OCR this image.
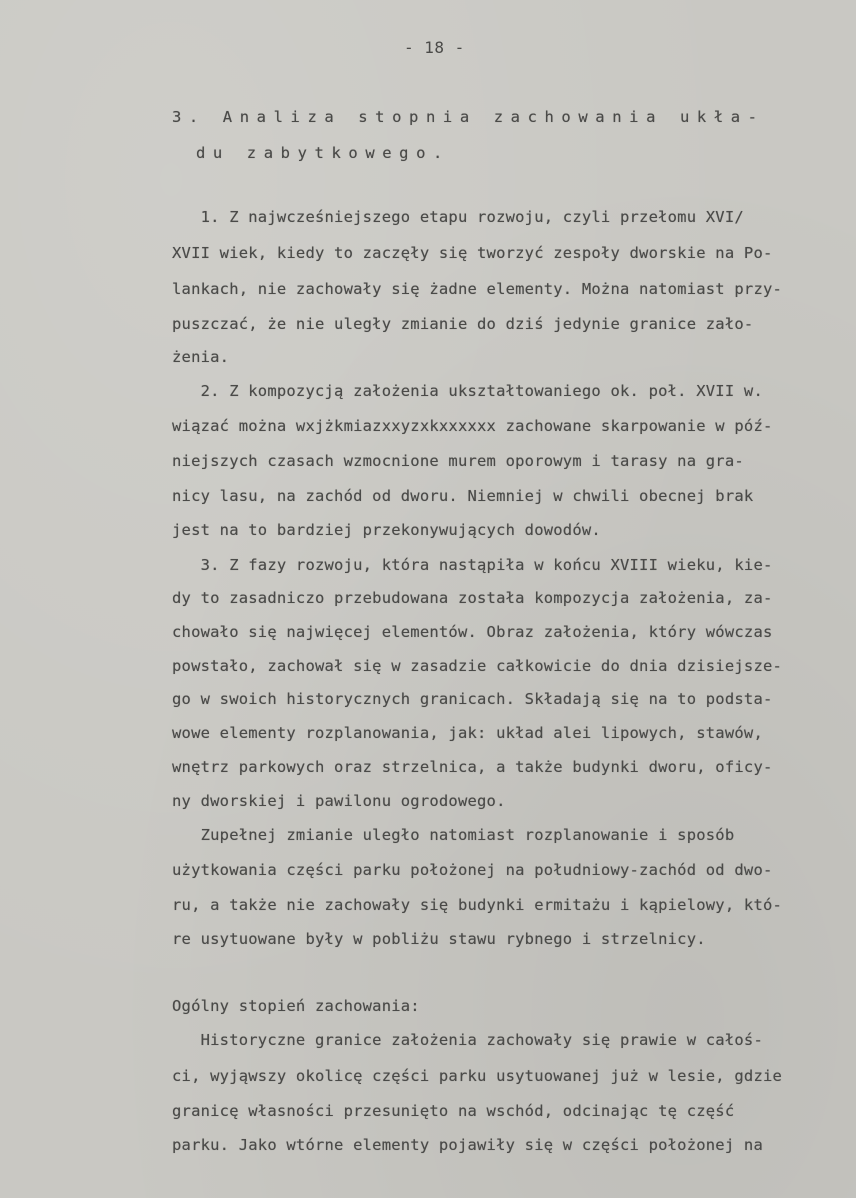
- 18 -
3. Analiza stopnia zachowania ukła-
du zabytkowego.
1. Z najwcześniejszego etapu rozwoju, czyli przełomu XVI/
XVII wiek, kiedy to zaczęły się tworzyć zespoły dworskie na Po-
lankach, nie zachowały się żadne elementy. Można natomiast przy-
puszczać, że nie uległy zmianie do dziś jedynie granice zało-
żenia.
2. Z kompozycją założenia ukształtowaniego ok. poł. XVII w.
wiązać można wxjżkmiazxxyzxkxxxxxx zachowane skarpowanie w póź-
niejszych czasach wzmocnione murem oporowym i tarasy na gra-
nicy lasu, na zachód od dworu. Niemniej w chwili obecnej brak
jest na to bardziej przekonywujących dowodów.
3. Z fazy rozwoju, która nastąpiła w końcu XVIII wieku, kie-
dy to zasadniczo przebudowana została kompozycja założenia, za-
chowało się najwięcej elementów. Obraz założenia, który wówczas
powstało, zachował się w zasadzie całkowicie do dnia dzisiejsze-
go w swoich historycznych granicach. Składają się na to podsta-
wowe elementy rozplanowania, jak: układ alei lipowych, stawów,
wnętrz parkowych oraz strzelnica, a także budynki dworu, oficy-
ny dworskiej i pawilonu ogrodowego.
Zupełnej zmianie uległo natomiast rozplanowanie i sposób
użytkowania części parku położonej na południowy-zachód od dwo-
ru, a także nie zachowały się budynki ermitażu i kąpielowy, któ-
re usytuowane były w pobliżu stawu rybnego i strzelnicy.
Ogólny stopień zachowania:
Historyczne granice założenia zachowały się prawie w całoś-
ci, wyjąwszy okolicę części parku usytuowanej już w lesie, gdzie
granicę własności przesunięto na wschód, odcinając tę część
parku. Jako wtórne elementy pojawiły się w części położonej na
